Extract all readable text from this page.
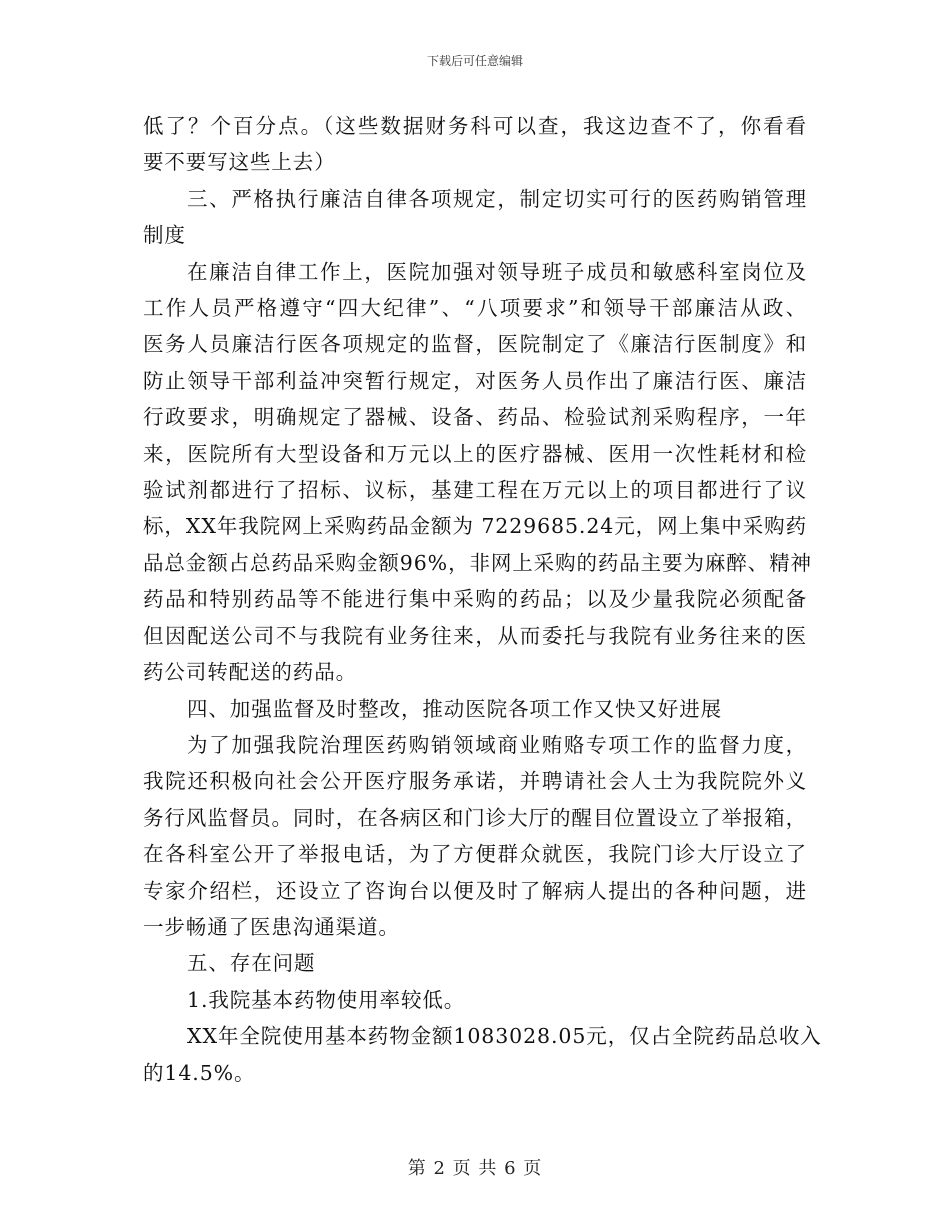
下载后可任意编辑
低了？个百分点。（这些数据财务科可以查，我这边查不了，你看看
要不要写这些上去）
三、严格执行廉洁自律各项规定，制定切实可行的医药购销管理
制度
在廉洁自律工作上，医院加强对领导班子成员和敏感科室岗位及
工作人员严格遵守“四大纪律”、“八项要求”和领导干部廉洁从政、
医务人员廉洁行医各项规定的监督，医院制定了《廉洁行医制度》和
防止领导干部利益冲突暂行规定，对医务人员作出了廉洁行医、廉洁
行政要求，明确规定了器械、设备、药品、检验试剂采购程序，一年
来，医院所有大型设备和万元以上的医疗器械、医用一次性耗材和检
验试剂都进行了招标、议标，基建工程在万元以上的项目都进行了议
标，XX年我院网上采购药品金额为 7229685.24元，网上集中采购药
品总金额占总药品采购金额96%，非网上采购的药品主要为麻醉、精神
药品和特别药品等不能进行集中采购的药品；以及少量我院必须配备
但因配送公司不与我院有业务往来，从而委托与我院有业务往来的医
药公司转配送的药品。
四、加强监督及时整改，推动医院各项工作又快又好进展
为了加强我院治理医药购销领域商业贿赂专项工作的监督力度，
我院还积极向社会公开医疗服务承诺，并聘请社会人士为我院院外义
务行风监督员。同时，在各病区和门诊大厅的醒目位置设立了举报箱，
在各科室公开了举报电话，为了方便群众就医，我院门诊大厅设立了
专家介绍栏，还设立了咨询台以便及时了解病人提出的各种问题，进
一步畅通了医患沟通渠道。
五、存在问题
1.我院基本药物使用率较低。
XX年全院使用基本药物金额1083028.05元，仅占全院药品总收入
的14.5%。
第 2 页 共 6 页
